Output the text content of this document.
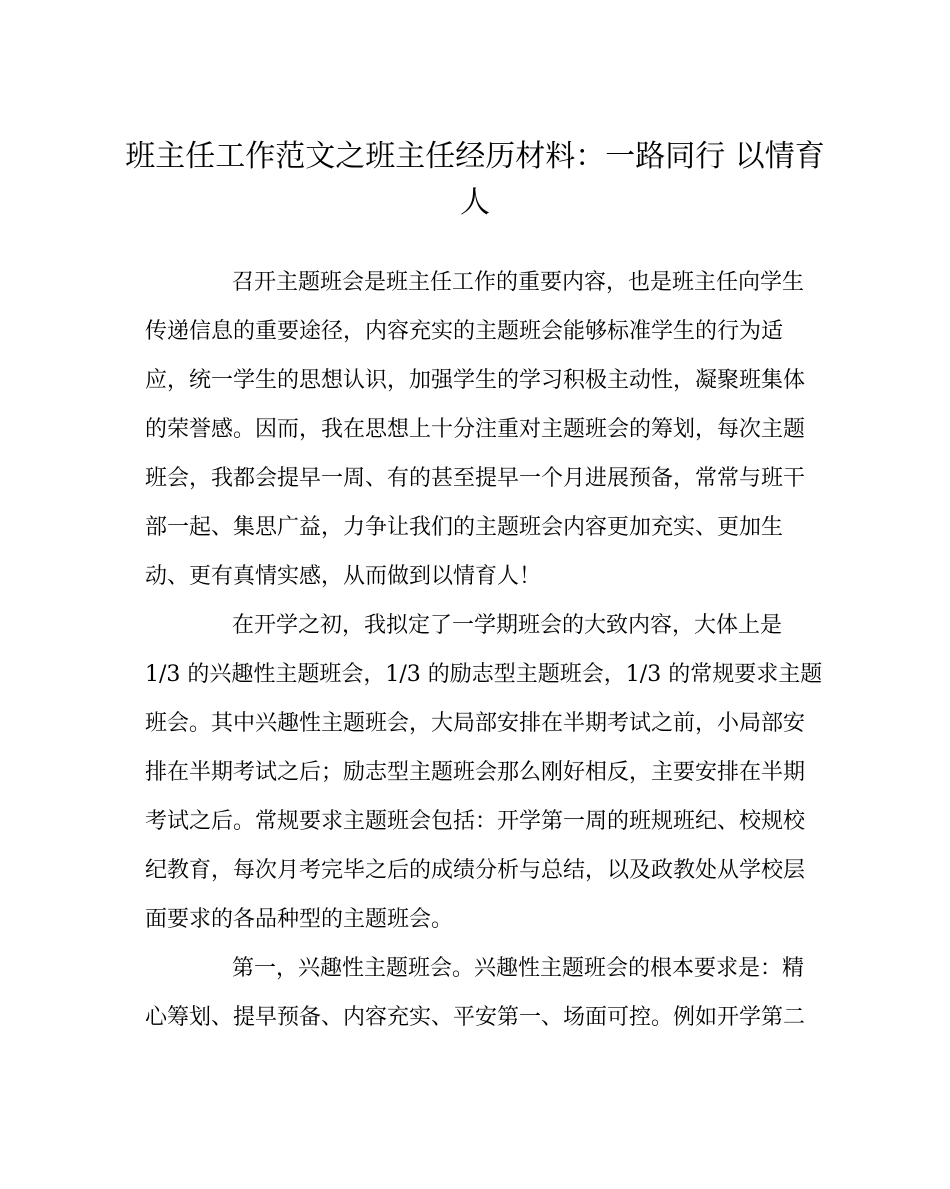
班主任工作范文之班主任经历材料：一路同行 以情育
人

召开主题班会是班主任工作的重要内容，也是班主任向学生

传递信息的重要途径，内容充实的主题班会能够标准学生的行为适

应，统一学生的思想认识，加强学生的学习积极主动性，凝聚班集体

的荣誉感。因而，我在思想上十分注重对主题班会的筹划，每次主题

班会，我都会提早一周、有的甚至提早一个月进展预备，常常与班干

部一起、集思广益，力争让我们的主题班会内容更加充实、更加生

动、更有真情实感，从而做到以情育人！

在开学之初，我拟定了一学期班会的大致内容，大体上是

1/3 的兴趣性主题班会，1/3 的励志型主题班会，1/3 的常规要求主题

班会。其中兴趣性主题班会，大局部安排在半期考试之前，小局部安

排在半期考试之后；励志型主题班会那么刚好相反，主要安排在半期

考试之后。常规要求主题班会包括：开学第一周的班规班纪、校规校

纪教育，每次月考完毕之后的成绩分析与总结，以及政教处从学校层

面要求的各品种型的主题班会。

第一，兴趣性主题班会。兴趣性主题班会的根本要求是：精

心筹划、提早预备、内容充实、平安第一、场面可控。例如开学第二
